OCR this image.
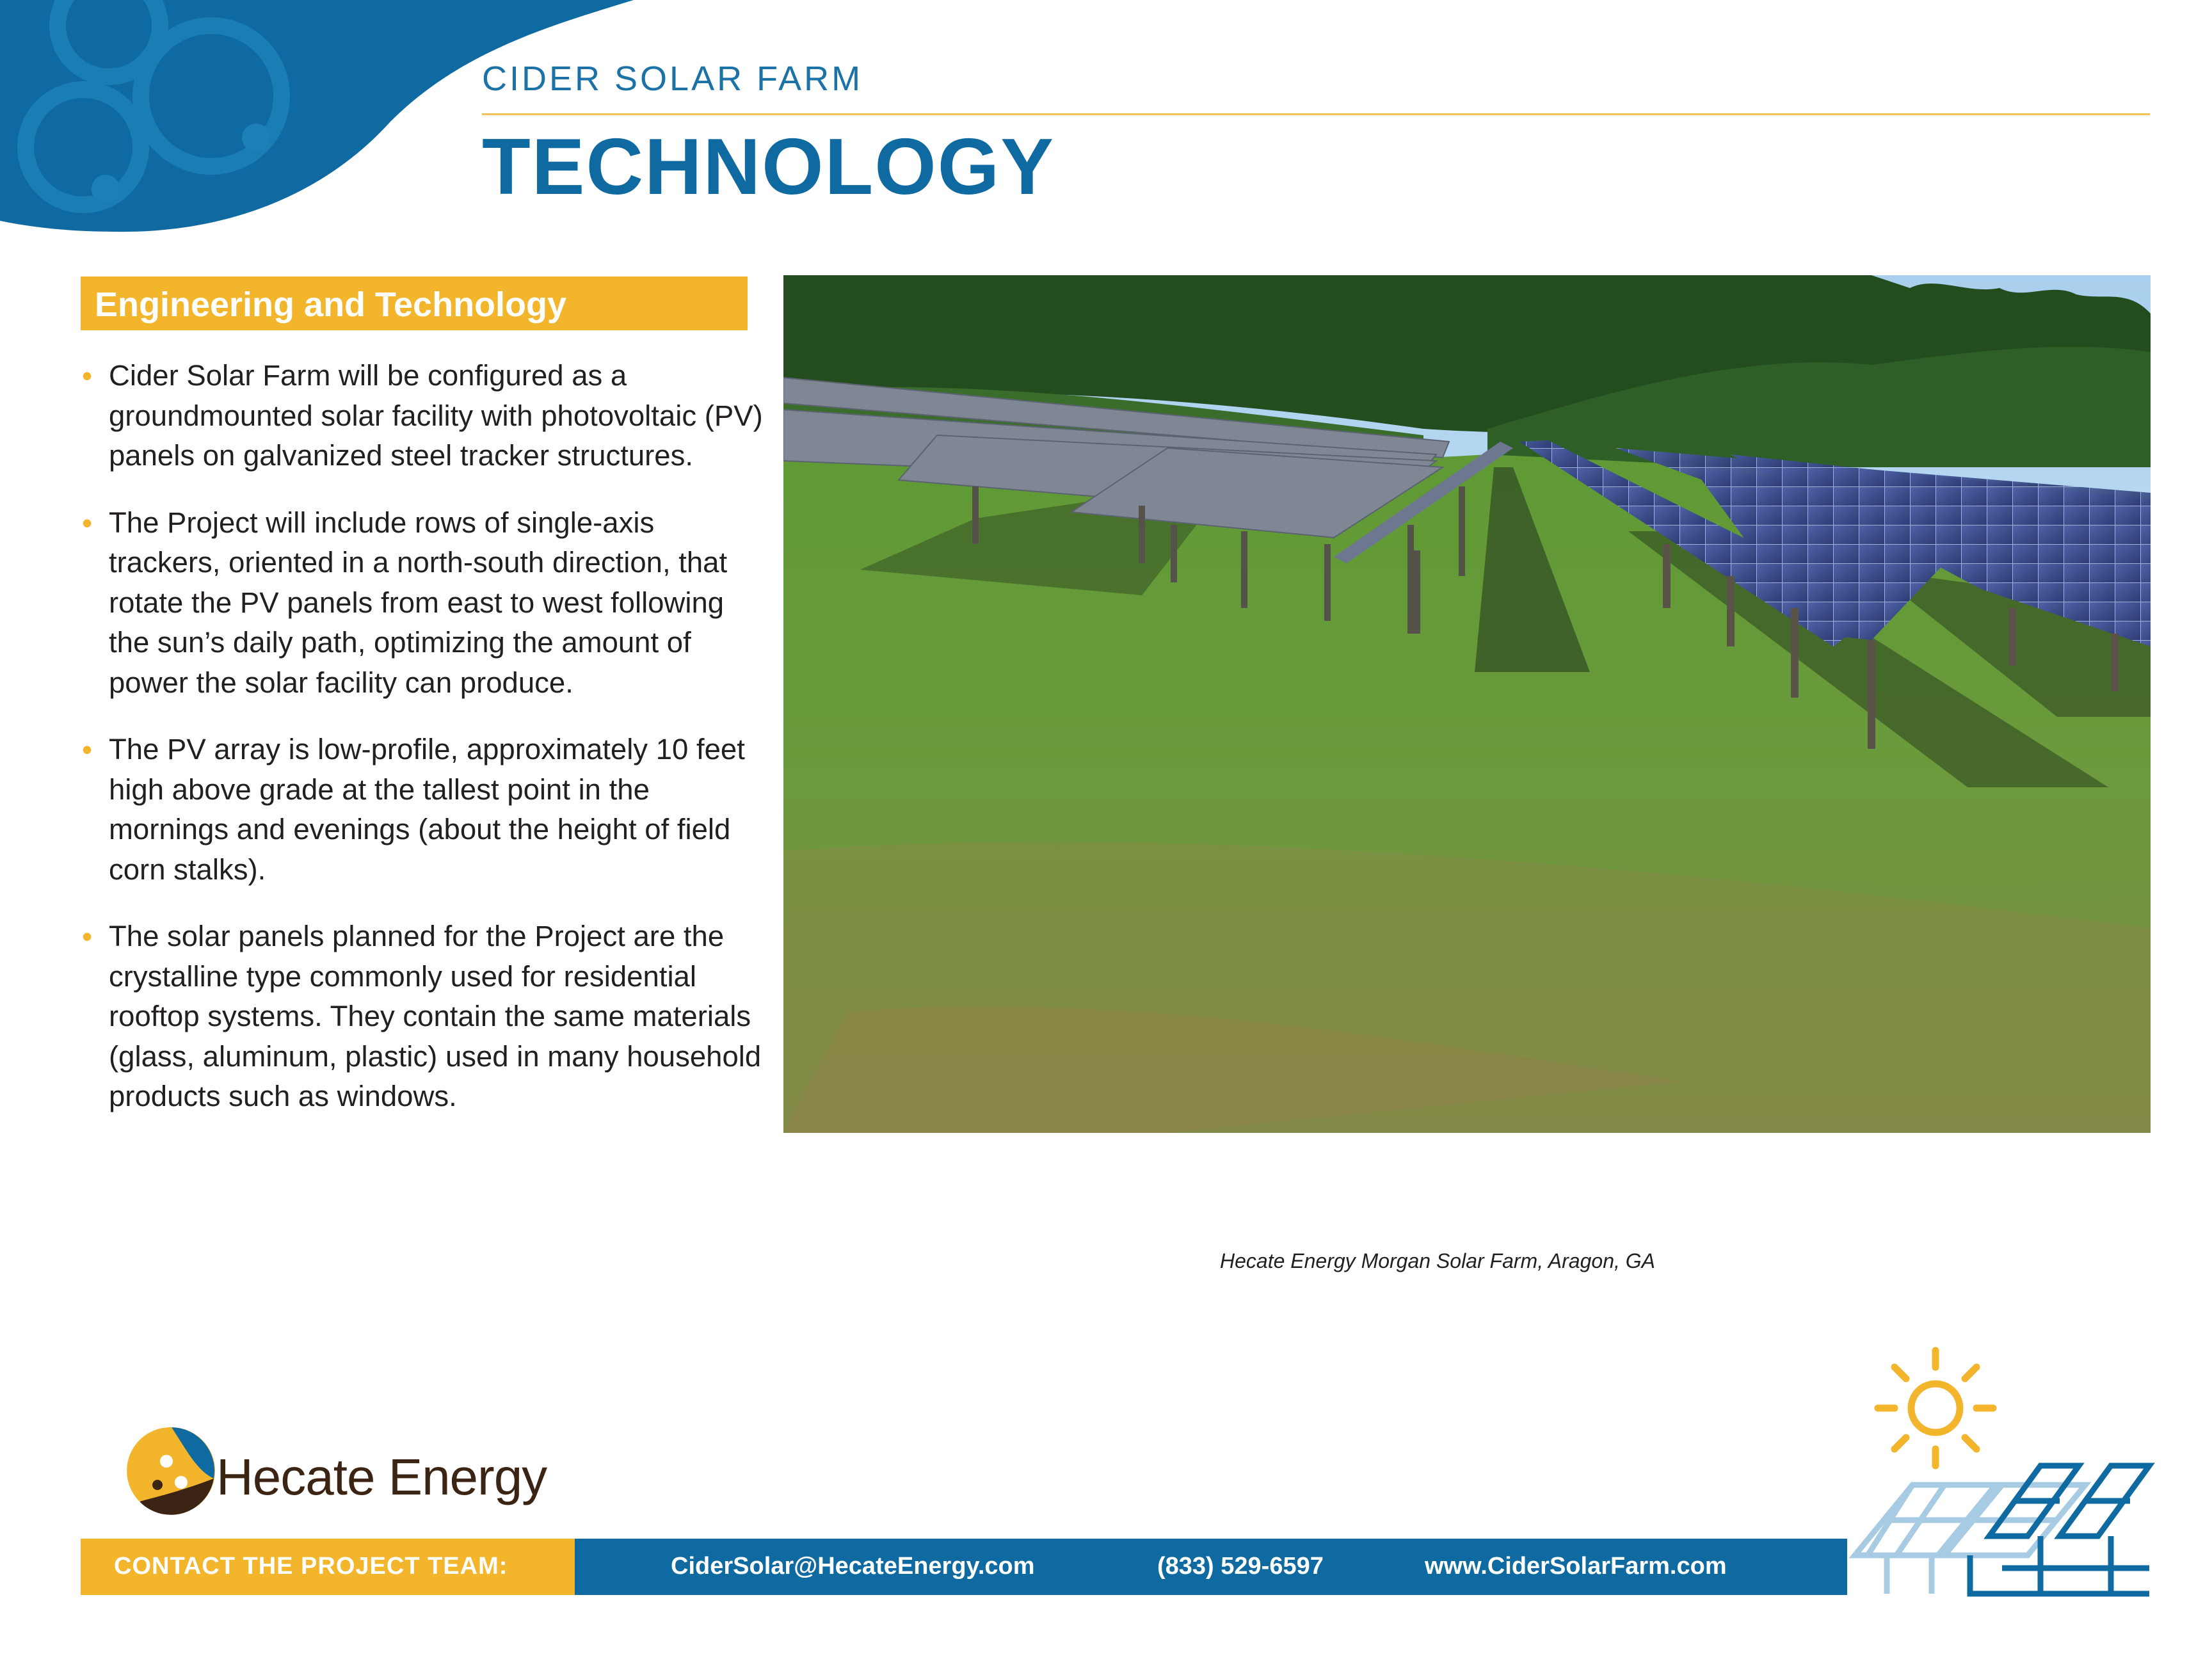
CIDER SOLAR FARM
TECHNOLOGY
Engineering and Technology
• Cider Solar Farm will be configured as a groundmounted solar facility with photovoltaic (PV) panels on galvanized steel tracker structures.
• The Project will include rows of single-axis trackers, oriented in a north-south direction, that rotate the PV panels from east to west following the sun’s daily path, optimizing the amount of power the solar facility can produce.
• The PV array is low-profile, approximately 10 feet high above grade at the tallest point in the mornings and evenings (about the height of field corn stalks).
• The solar panels planned for the Project are the crystalline type commonly used for residential rooftop systems. They contain the same materials (glass, aluminum, plastic) used in many household products such as windows.
Hecate Energy Morgan Solar Farm, Aragon, GA
Hecate Energy
CONTACT THE PROJECT TEAM:	CiderSolar@HecateEnergy.com	(833) 529-6597	www.CiderSolarFarm.com
